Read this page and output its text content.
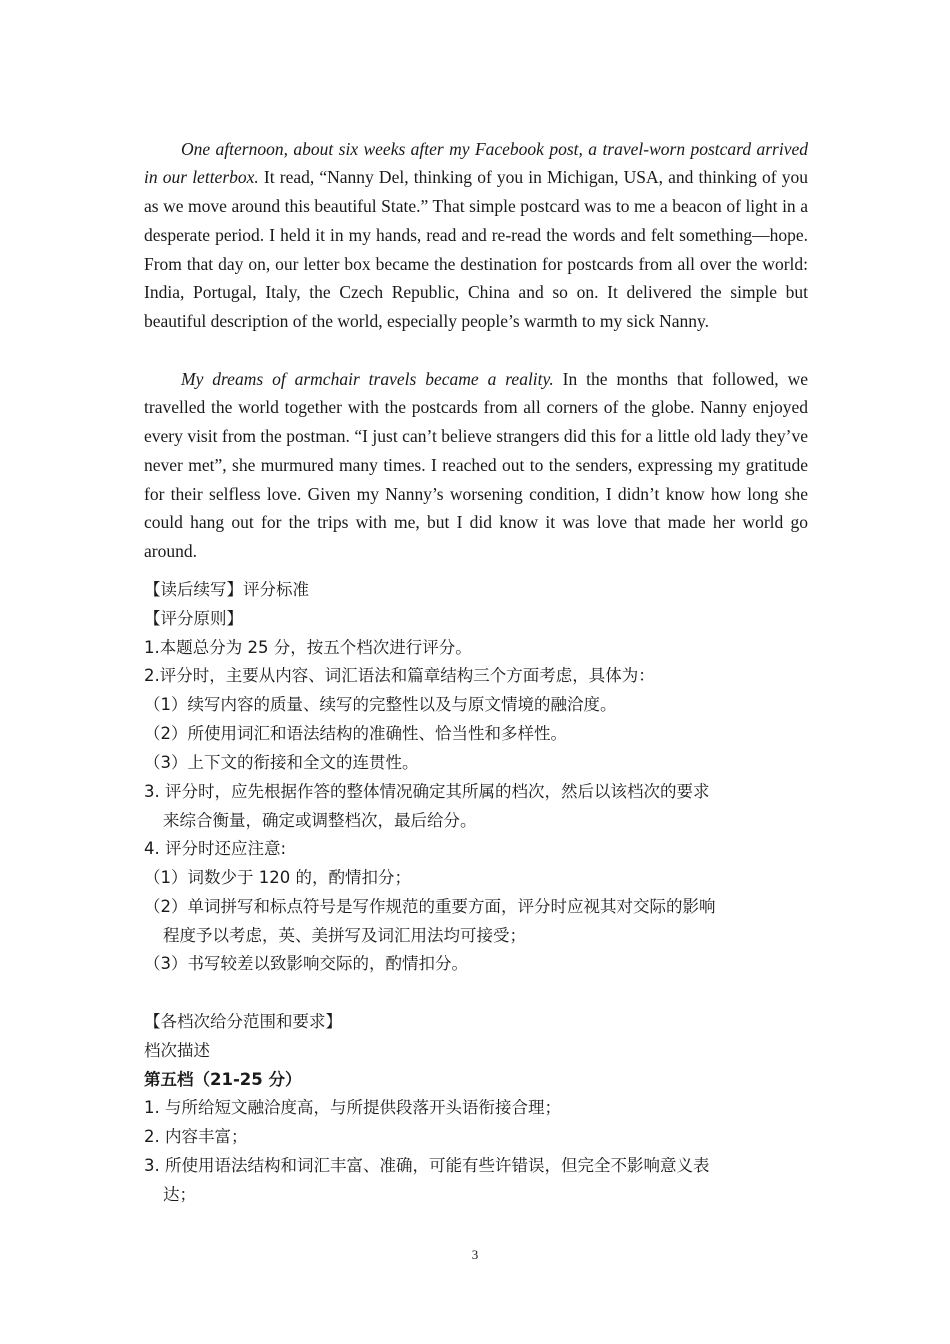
One afternoon, about six weeks after my Facebook post, a travel-worn postcard arrived in our letterbox. It read, “Nanny Del, thinking of you in Michigan, USA, and thinking of you as we move around this beautiful State.” That simple postcard was to me a beacon of light in a desperate period. I held it in my hands, read and re-read the words and felt something—hope. From that day on, our letter box became the destination for postcards from all over the world: India, Portugal, Italy, the Czech Republic, China and so on. It delivered the simple but beautiful description of the world, especially people’s warmth to my sick Nanny.

My dreams of armchair travels became a reality. In the months that followed, we travelled the world together with the postcards from all corners of the globe. Nanny enjoyed every visit from the postman. “I just can’t believe strangers did this for a little old lady they’ve never met”, she murmured many times. I reached out to the senders, expressing my gratitude for their selfless love. Given my Nanny’s worsening condition, I didn’t know how long she could hang out for the trips with me, but I did know it was love that made her world go around.

【读后续写】评分标准
【评分原则】
1.本题总分为 25 分，按五个档次进行评分。
2.评分时，主要从内容、词汇语法和篇章结构三个方面考虑，具体为：
（1）续写内容的质量、续写的完整性以及与原文情境的融洽度。
（2）所使用词汇和语法结构的准确性、恰当性和多样性。
（3）上下文的衔接和全文的连贯性。
3. 评分时，应先根据作答的整体情况确定其所属的档次，然后以该档次的要求
来综合衡量，确定或调整档次，最后给分。
4. 评分时还应注意:
（1）词数少于 120 的，酌情扣分；
（2）单词拼写和标点符号是写作规范的重要方面，评分时应视其对交际的影响
程度予以考虑，英、美拼写及词汇用法均可接受；
（3）书写较差以致影响交际的，酌情扣分。
【各档次给分范围和要求】
档次描述
第五档（21-25 分）
1. 与所给短文融洽度高，与所提供段落开头语衔接合理；
2. 内容丰富；
3. 所使用语法结构和词汇丰富、准确，可能有些许错误，但完全不影响意义表
达；
3
